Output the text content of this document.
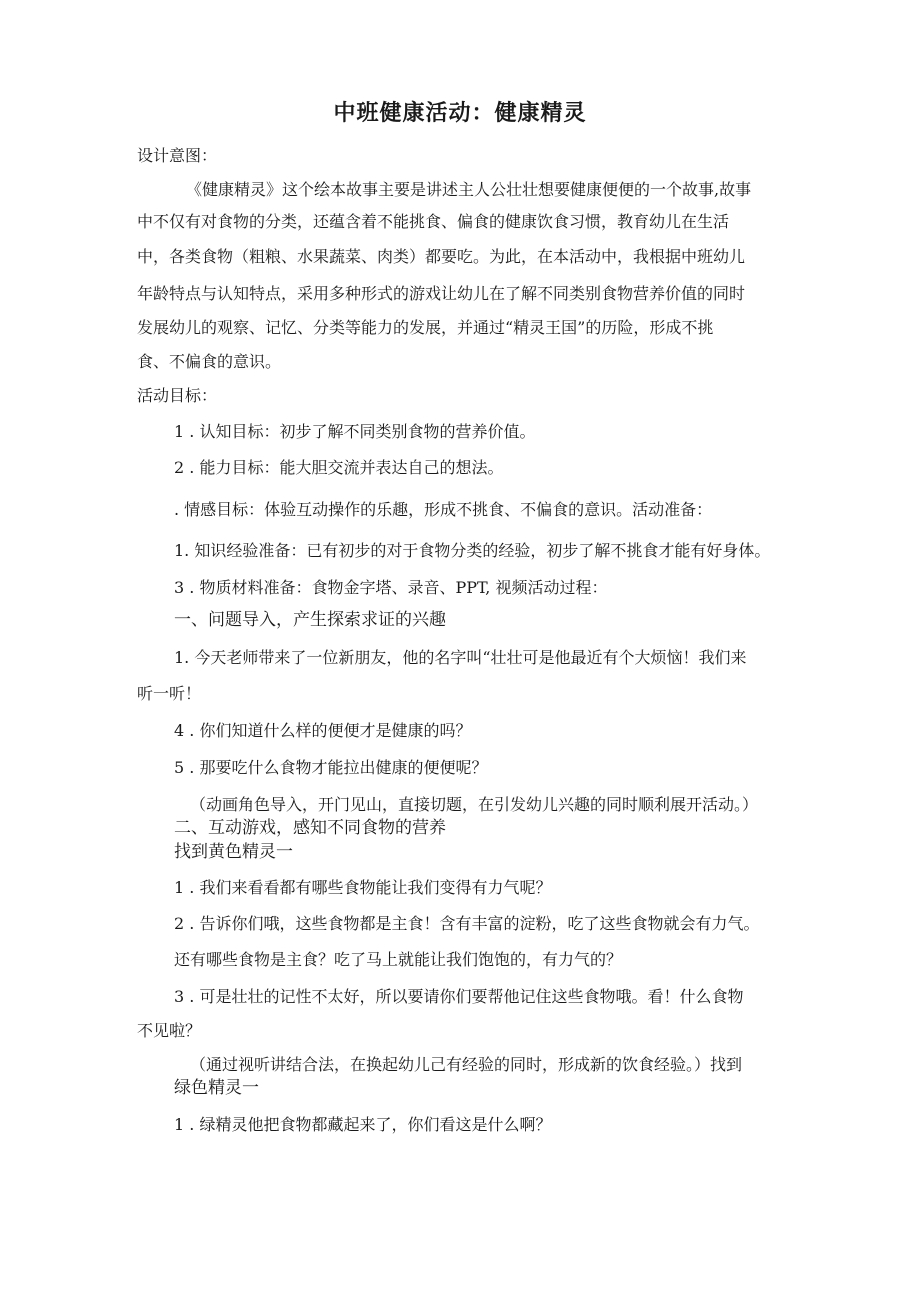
中班健康活动：健康精灵
设计意图：
《健康精灵》这个绘本故事主要是讲述主人公壮壮想要健康便便的一个故事,故事
中不仅有对食物的分类，还蕴含着不能挑食、偏食的健康饮食习惯，教育幼儿在生活
中，各类食物（粗粮、水果蔬菜、肉类）都要吃。为此，在本活动中，我根据中班幼儿
年龄特点与认知特点，采用多种形式的游戏让幼儿在了解不同类别食物营养价值的同时
发展幼儿的观察、记忆、分类等能力的发展，并通过“精灵王国”的历险，形成不挑
食、不偏食的意识。
活动目标：
1 . 认知目标：初步了解不同类别食物的营养价值。
2 . 能力目标：能大胆交流并表达自己的想法。
. 情感目标：体验互动操作的乐趣，形成不挑食、不偏食的意识。活动准备：
1. 知识经验准备：已有初步的对于食物分类的经验，初步了解不挑食才能有好身体。
3 . 物质材料准备：食物金字塔、录音、PPT, 视频活动过程：
一、问题导入，产生探索求证的兴趣
1. 今天老师带来了一位新朋友，他的名字叫“壮壮可是他最近有个大烦恼！我们来
听一听！
4 . 你们知道什么样的便便才是健康的吗？
5 . 那要吃什么食物才能拉出健康的便便呢？
（动画角色导入，开门见山，直接切题，在引发幼儿兴趣的同时顺利展开活动。）
二、互动游戏，感知不同食物的营养
找到黄色精灵一
1 . 我们来看看都有哪些食物能让我们变得有力气呢？
2 . 告诉你们哦，这些食物都是主食！含有丰富的淀粉，吃了这些食物就会有力气。
还有哪些食物是主食？吃了马上就能让我们饱饱的，有力气的？
3 . 可是壮壮的记性不太好，所以要请你们要帮他记住这些食物哦。看！什么食物
不见啦？
（通过视听讲结合法，在换起幼儿己有经验的同时，形成新的饮食经验。）找到
绿色精灵一
1 . 绿精灵他把食物都藏起来了，你们看这是什么啊？
